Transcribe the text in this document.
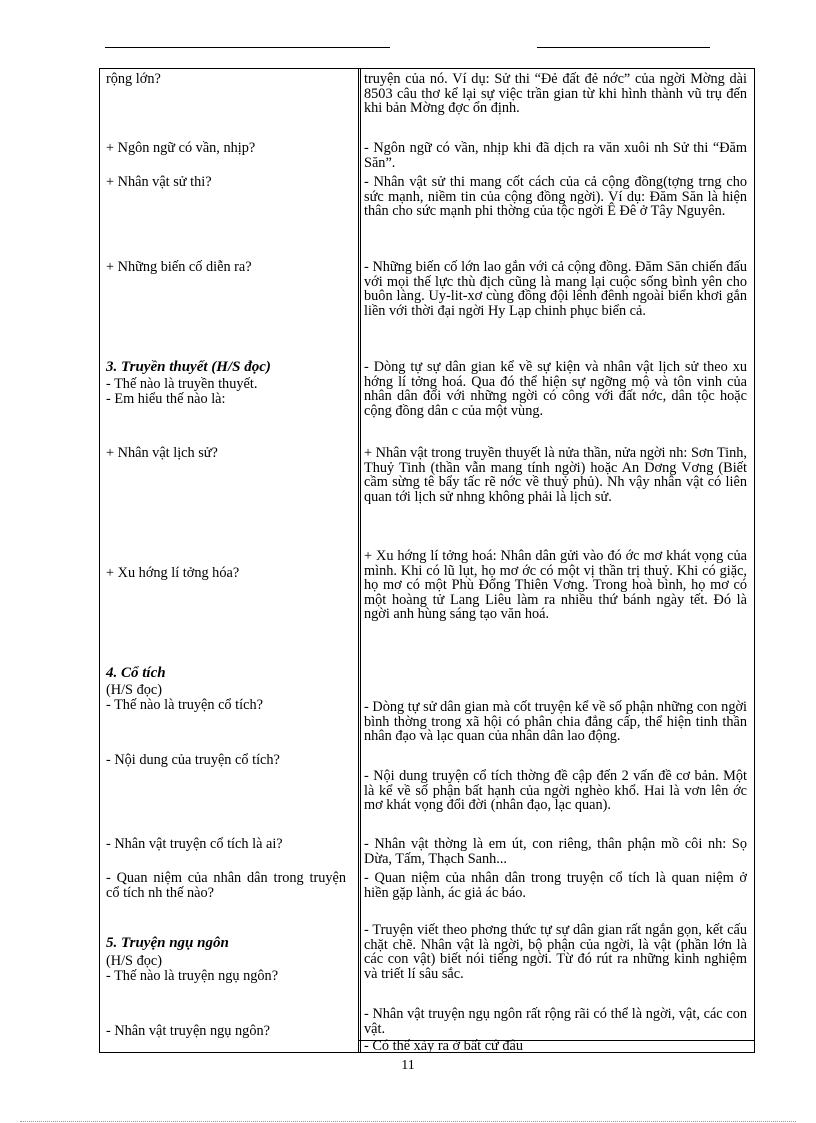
rộng lớn?
+ Ngôn ngữ có vần, nhịp?
+ Nhân vật sử thi?
+ Những biến cố diễn ra?
3. Truyền thuyết (H/S đọc)
- Thế nào là truyền thuyết.
- Em hiểu thế nào là:
+ Nhân vật lịch sử?
+ Xu hớng lí tởng hóa?
4. Cổ tích
(H/S đọc)
- Thế nào là truyện cổ tích?
- Nội dung của truyện cổ tích?
- Nhân vật truyện cổ tích là ai?
- Quan niệm của nhân dân trong truyện cổ tích nh thế nào?
5. Truyện ngụ ngôn
(H/S đọc)
- Thế nào là truyện ngụ ngôn?
- Nhân vật truyện ngụ ngôn?
truyện của nó. Ví dụ: Sử thi “Đẻ đất đẻ nớc” của ngời Mờng dài 8503 câu thơ kể lại sự việc trần gian từ khi hình thành vũ trụ đến khi bản Mờng đợc ổn định.
- Ngôn ngữ có vần, nhịp khi đã dịch ra văn xuôi nh Sử thi “Đăm Săn”.
- Nhân vật sử thi mang cốt cách của cả cộng đồng(tợng trng cho sức mạnh, niềm tin của cộng đồng ngời). Ví dụ: Đăm Săn là hiện thân cho sức mạnh phi thờng của tộc ngời Ê Đê ở Tây Nguyên.
- Những biến cố lớn lao gắn với cả cộng đồng. Đăm Săn chiến đấu với mọi thế lực thù địch cũng là mang lại cuộc sống bình yên cho buôn làng. Uy-lit-xơ cùng đồng đội lênh đênh ngoài biển khơi gắn liền với thời đại ngời Hy Lạp chinh phục biển cả.
- Dòng tự sự dân gian kể về sự kiện và nhân vật lịch sử theo xu hớng lí tởng hoá. Qua đó thể hiện sự ngỡng mộ và tôn vinh của nhân dân đối với những ngời có công với đất nớc, dân tộc hoặc cộng đồng dân c của một vùng.
+ Nhân vật trong truyền thuyết là nửa thần, nửa ngời nh: Sơn Tinh, Thuỷ Tinh (thần vẫn mang tính ngời) hoặc An Dơng Vơng (Biết cầm sừng tê bẩy tấc rẽ nớc về thuỷ phủ). Nh vậy nhân vật có liên quan tới lịch sử nhng không phải là lịch sử.
+ Xu hớng lí tởng hoá: Nhân dân gửi vào đó ớc mơ khát vọng của mình. Khi có lũ lụt, họ mơ ớc có một vị thần trị thuỷ. Khi có giặc, họ mơ có một Phù Đổng Thiên Vơng. Trong hoà bình, họ mơ có một hoàng tử Lang Liêu làm ra nhiều thứ bánh ngày tết. Đó là ngời anh hùng sáng tạo văn hoá.
- Dòng tự sử dân gian mà cốt truyện kể về số phận những con ngời bình thờng trong xã hội có phân chia đẳng cấp, thể hiện tinh thần nhân đạo và lạc quan của nhân dân lao động.
- Nội dung truyện cổ tích thờng đề cập đến 2 vấn đề cơ bản. Một là kể về số phận bất hạnh của ngời nghèo khổ. Hai là vơn lên ớc mơ khát vọng đổi đời (nhân đạo, lạc quan).
- Nhân vật thờng là em út, con riêng, thân phận mồ côi nh: Sọ Dừa, Tấm, Thạch Sanh...
- Quan niệm của nhân dân trong truyện cổ tích là quan niệm ở hiền gặp lành, ác giả ác báo.
- Truyện viết theo phơng thức tự sự dân gian rất ngắn gọn, kết cấu chặt chẽ. Nhân vật là ngời, bộ phận của ngời, là vật (phần lớn là các con vật) biết nói tiếng ngời. Từ đó rút ra những kinh nghiệm và triết lí sâu sắc.
- Nhân vật truyện ngụ ngôn rất rộng rãi có thể là ngời, vật, các con vật.
- Có thể xảy ra ở bất cứ đâu
11
